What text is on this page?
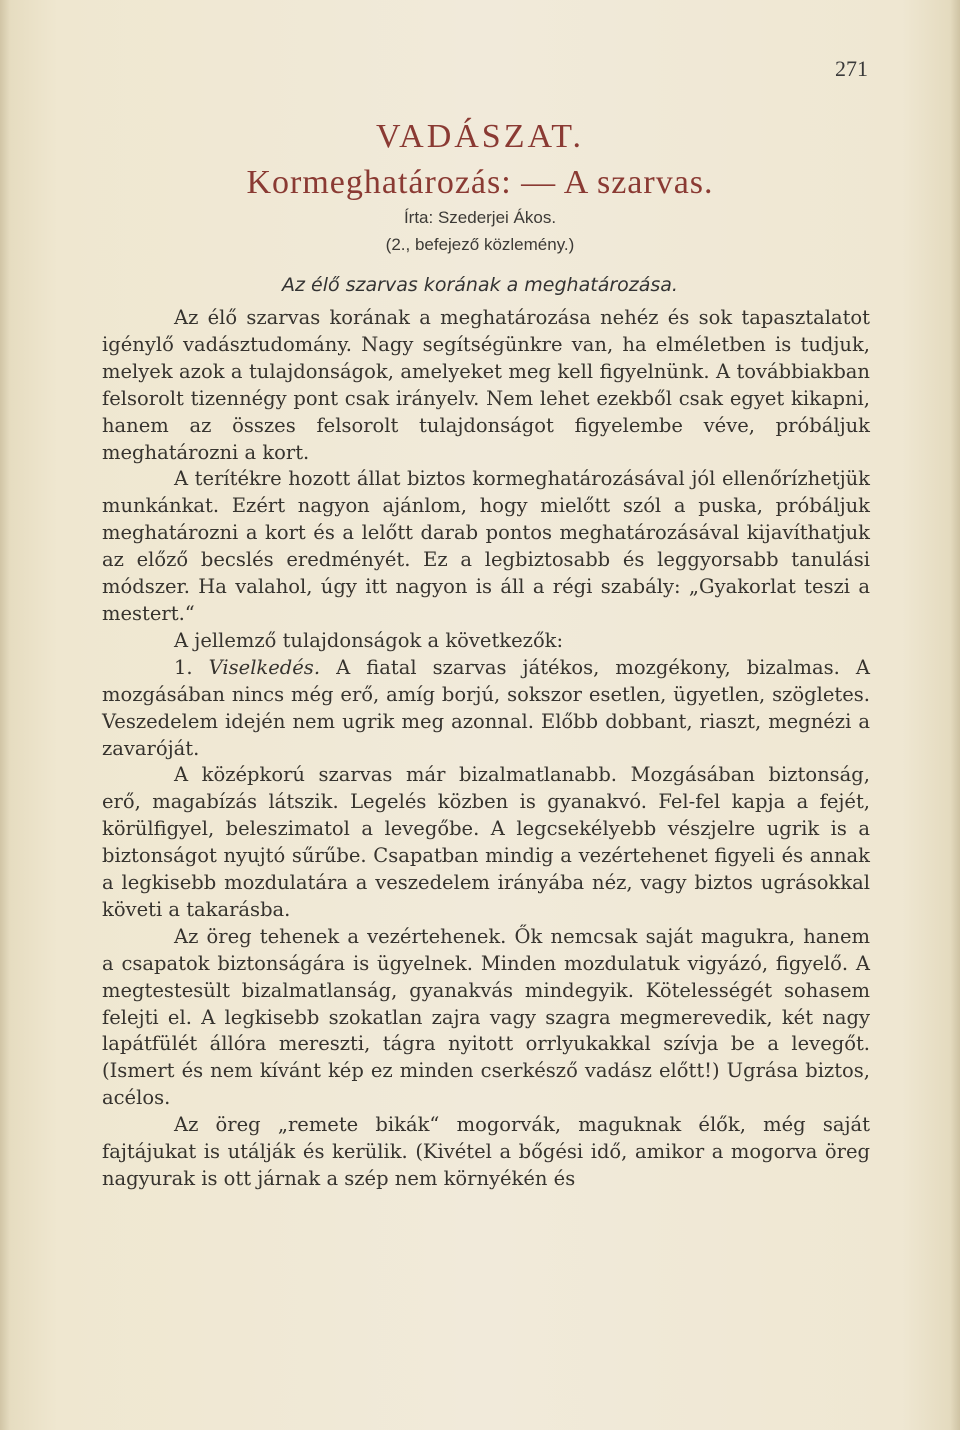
271
VADÁSZAT.
Kormeghatározás: — A szarvas.
Írta: Szederjei Ákos.
(2., befejező közlemény.)
Az élő szarvas korának a meghatározása.

Az élő szarvas korának a meghatározása nehéz és sok tapasztalatot igénylő vadásztudomány. Nagy segítségünkre van, ha elméletben is tudjuk, melyek azok a tulajdonságok, amelyeket meg kell figyelnünk. A továbbiakban felsorolt tizennégy pont csak irányelv. Nem lehet ezekből csak egyet kikapni, hanem az összes felsorolt tulajdonságot figyelembe véve, próbáljuk meghatározni a kort.

A terítékre hozott állat biztos kormeghatározásával jól ellenőrízhetjük munkánkat. Ezért nagyon ajánlom, hogy mielőtt szól a puska, próbáljuk meghatározni a kort és a lelőtt darab pontos meghatározásával kijavíthatjuk az előző becslés eredményét. Ez a legbiztosabb és leggyorsabb tanulási módszer. Ha valahol, úgy itt nagyon is áll a régi szabály: „Gyakorlat teszi a mestert.“

A jellemző tulajdonságok a következők:

1. Viselkedés. A fiatal szarvas játékos, mozgékony, bizalmas. A mozgásában nincs még erő, amíg borjú, sokszor esetlen, ügyetlen, szögletes. Veszedelem idején nem ugrik meg azonnal. Előbb dobbant, riaszt, megnézi a zavaróját.

A középkorú szarvas már bizalmatlanabb. Mozgásában biztonság, erő, magabízás látszik. Legelés közben is gyanakvó. Fel-fel kapja a fejét, körülfigyel, beleszimatol a levegőbe. A legcsekélyebb vészjelre ugrik is a biztonságot nyujtó sűrűbe. Csapatban mindig a vezértehenet figyeli és annak a legkisebb mozdulatára a veszedelem irányába néz, vagy biztos ugrásokkal követi a takarásba.

Az öreg tehenek a vezértehenek. Ők nemcsak saját magukra, hanem a csapatok biztonságára is ügyelnek. Minden mozdulatuk vigyázó, figyelő. A megtestesült bizalmatlanság, gyanakvás mindegyik. Kötelességét sohasem felejti el. A legkisebb szokatlan zajra vagy szagra megmerevedik, két nagy lapátfülét állóra mereszti, tágra nyitott orrlyukakkal szívja be a levegőt. (Ismert és nem kívánt kép ez minden cserkésző vadász előtt!) Ugrása biztos, acélos.

Az öreg „remete bikák“ mogorvák, maguknak élők, még saját fajtájukat is utálják és kerülik. (Kivétel a bőgési idő, amikor a mogorva öreg nagyurak is ott járnak a szép nem környékén és
